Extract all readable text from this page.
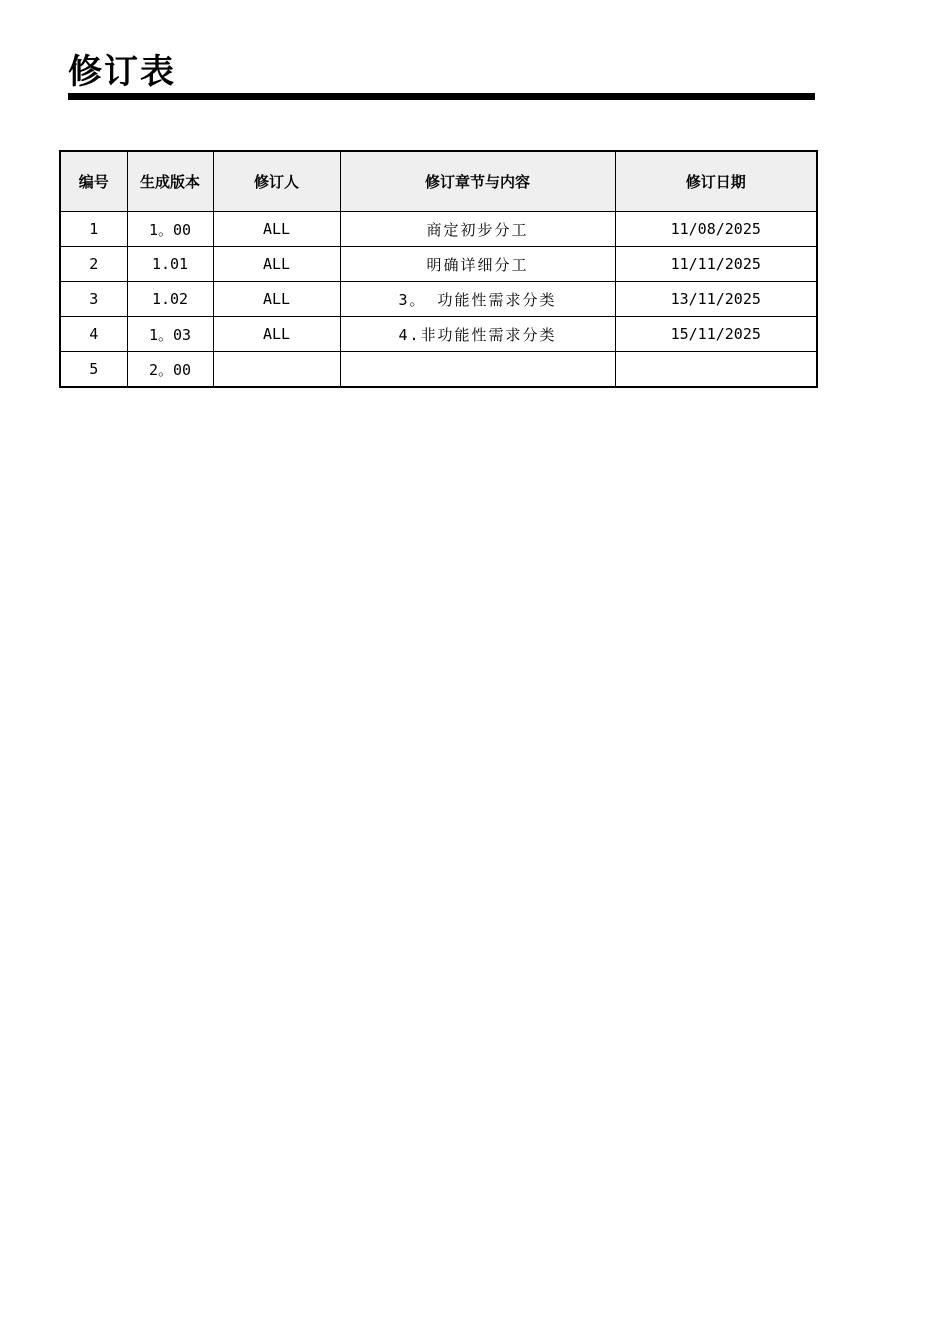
修订表
编号	生成版本	修订人	修订章节与内容	修订日期
1	1。00	ALL	商定初步分工	11/08/2025
2	1.01	ALL	明确详细分工	11/11/2025
3	1.02	ALL	3。 功能性需求分类	13/11/2025
4	1。03	ALL	4.非功能性需求分类	15/11/2025
5	2。00			
